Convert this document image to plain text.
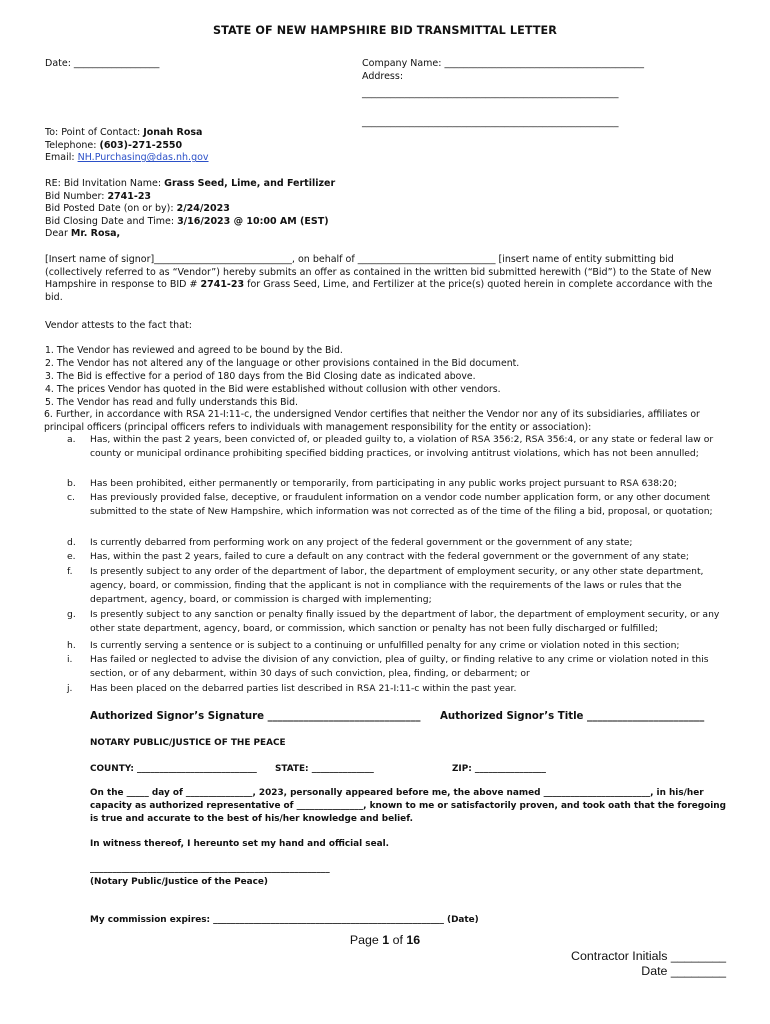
STATE OF NEW HAMPSHIRE BID TRANSMITTAL LETTER
Date: __________________	Company Name: __________________________________________
Address:
______________________________________________________
______________________________________________________

To: Point of Contact: Jonah Rosa

Telephone: (603)-271-2550

Email: NH.Purchasing@das.nh.gov

RE: Bid Invitation Name: Grass Seed, Lime, and Fertilizer

Bid Number: 2741-23

Bid Posted Date (on or by): 2/24/2023

Bid Closing Date and Time: 3/16/2023 @ 10:00 AM (EST)

Dear Mr. Rosa,

[Insert name of signor]_____________________________, on behalf of _____________________________ [insert name of entity submitting bid (collectively referred to as “Vendor”) hereby submits an offer as contained in the written bid submitted herewith (“Bid”) to the State of New Hampshire in response to BID # 2741-23 for Grass Seed, Lime, and Fertilizer at the price(s) quoted herein in complete accordance with the bid.
Vendor attests to the fact that:
1. The Vendor has reviewed and agreed to be bound by the Bid.
2. The Vendor has not altered any of the language or other provisions contained in the Bid document.
3. The Bid is effective for a period of 180 days from the Bid Closing date as indicated above.
4. The prices Vendor has quoted in the Bid were established without collusion with other vendors.
5. The Vendor has read and fully understands this Bid.
6. Further, in accordance with RSA 21-I:11-c, the undersigned Vendor certifies that neither the Vendor nor any of its subsidiaries, affiliates or principal officers (principal officers refers to individuals with management responsibility for the entity or association):
a.	Has, within the past 2 years, been convicted of, or pleaded guilty to, a violation of RSA 356:2, RSA 356:4, or any state or federal law or county or municipal ordinance prohibiting specified bidding practices, or involving antitrust violations, which has not been annulled;
b.	Has been prohibited, either permanently or temporarily, from participating in any public works project pursuant to RSA 638:20;
c.	Has previously provided false, deceptive, or fraudulent information on a vendor code number application form, or any other document submitted to the state of New Hampshire, which information was not corrected as of the time of the filing a bid, proposal, or quotation;
d.	Is currently debarred from performing work on any project of the federal government or the government of any state;
e.	Has, within the past 2 years, failed to cure a default on any contract with the federal government or the government of any state;
f.	Is presently subject to any order of the department of labor, the department of employment security, or any other state department, agency, board, or commission, finding that the applicant is not in compliance with the requirements of the laws or rules that the department, agency, board, or commission is charged with implementing;
g.	Is presently subject to any sanction or penalty finally issued by the department of labor, the department of employment security, or any other state department, agency, board, or commission, which sanction or penalty has not been fully discharged or fulfilled;
h.	Is currently serving a sentence or is subject to a continuing or unfulfilled penalty for any crime or violation noted in this section;
i.	Has failed or neglected to advise the division of any conviction, plea of guilty, or finding relative to any crime or violation noted in this section, or of any debarment, within 30 days of such conviction, plea, finding, or debarment; or
j.	Has been placed on the debarred parties list described in RSA 21-I:11-c within the past year.
Authorized Signor’s Signature ______________________________ Authorized Signor’s Title _______________________
NOTARY PUBLIC/JUSTICE OF THE PEACE
COUNTY: ___________________________ STATE: ______________	ZIP: ________________
On the _____ day of _______________, 2023, personally appeared before me, the above named ________________________, in his/her capacity as authorized representative of _______________, known to me or satisfactorily proven, and took oath that the foregoing is true and accurate to the best of his/her knowledge and belief.
In witness thereof, I hereunto set my hand and official seal.
______________________________________________________
(Notary Public/Justice of the Peace)
My commission expires: ____________________________________________________ (Date)
Page 1 of 16
Contractor Initials ________
Date ________
